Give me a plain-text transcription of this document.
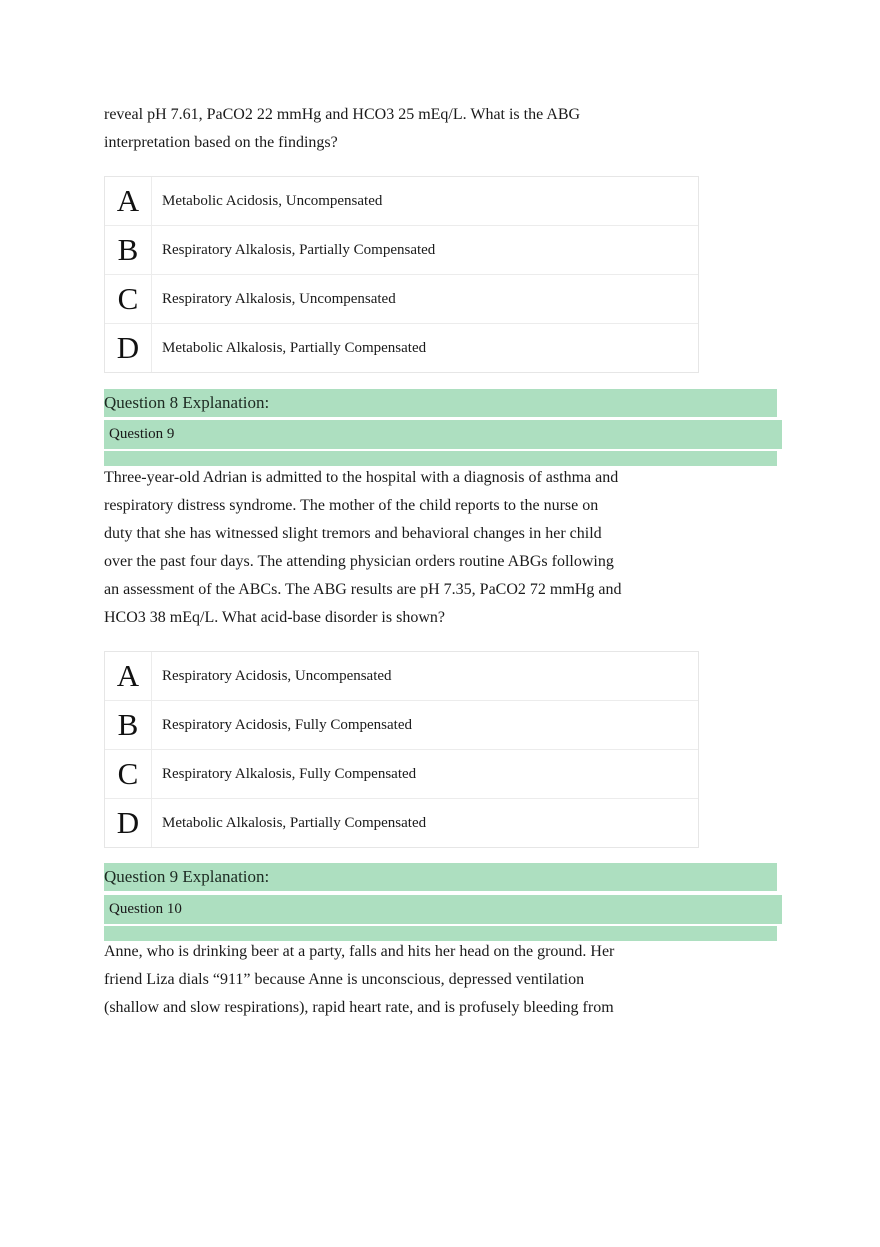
reveal pH 7.61, PaCO2 22 mmHg and HCO3 25 mEq/L. What is the ABG
interpretation based on the findings?
A	Metabolic Acidosis, Uncompensated
B	Respiratory Alkalosis, Partially Compensated
C	Respiratory Alkalosis, Uncompensated
D	Metabolic Alkalosis, Partially Compensated
Question 8 Explanation:
Question 9
Three-year-old Adrian is admitted to the hospital with a diagnosis of asthma and
respiratory distress syndrome. The mother of the child reports to the nurse on
duty that she has witnessed slight tremors and behavioral changes in her child
over the past four days. The attending physician orders routine ABGs following
an assessment of the ABCs. The ABG results are pH 7.35, PaCO2 72 mmHg and
HCO3 38 mEq/L. What acid-base disorder is shown?
A	Respiratory Acidosis, Uncompensated
B	Respiratory Acidosis, Fully Compensated
C	Respiratory Alkalosis, Fully Compensated
D	Metabolic Alkalosis, Partially Compensated
Question 9 Explanation:
Question 10
Anne, who is drinking beer at a party, falls and hits her head on the ground. Her
friend Liza dials “911” because Anne is unconscious, depressed ventilation
(shallow and slow respirations), rapid heart rate, and is profusely bleeding from
